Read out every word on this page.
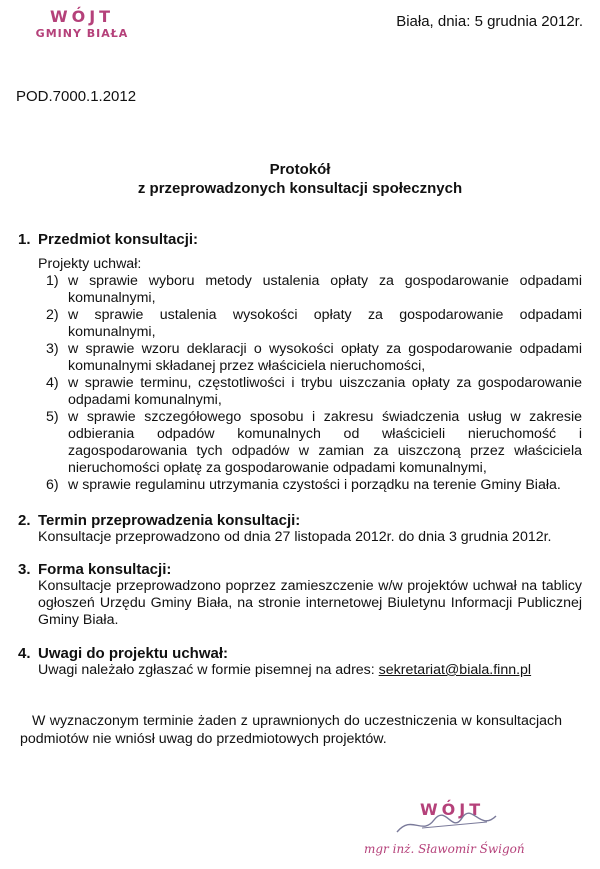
WÓJT
GMINY BIAŁA
Biała, dnia: 5 grudnia 2012r.
POD.7000.1.2012
Protokół
z przeprowadzonych konsultacji społecznych
1. Przedmiot konsultacji:
Projekty uchwał:
1) w sprawie wyboru metody ustalenia opłaty za gospodarowanie odpadami komunalnymi,
2) w sprawie ustalenia wysokości opłaty za gospodarowanie odpadami komunalnymi,
3) w sprawie wzoru deklaracji o wysokości opłaty za gospodarowanie odpadami komunalnymi składanej przez właściciela nieruchomości,
4) w sprawie terminu, częstotliwości i trybu uiszczania opłaty za gospodarowanie odpadami komunalnymi,
5) w sprawie szczegółowego sposobu i zakresu świadczenia usług w zakresie odbierania odpadów komunalnych od właścicieli nieruchomość i zagospodarowania tych odpadów w zamian za uiszczoną przez właściciela nieruchomości opłatę za gospodarowanie odpadami komunalnymi,
6) w sprawie regulaminu utrzymania czystości i porządku na terenie Gminy Biała.
2. Termin przeprowadzenia konsultacji:
Konsultacje przeprowadzono od dnia 27 listopada 2012r. do dnia 3 grudnia 2012r.
3. Forma konsultacji:
Konsultacje przeprowadzono poprzez zamieszczenie w/w projektów uchwał na tablicy ogłoszeń Urzędu Gminy Biała, na stronie internetowej Biuletynu Informacji Publicznej Gminy Biała.
4. Uwagi do projektu uchwał:
Uwagi należało zgłaszać w formie pisemnej na adres: sekretariat@biala.finn.pl
W wyznaczonym terminie żaden z uprawnionych do uczestniczenia w konsultacjach podmiotów nie wniósł uwag do przedmiotowych projektów.
WÓJT
mgr inż. Sławomir Świgoń
